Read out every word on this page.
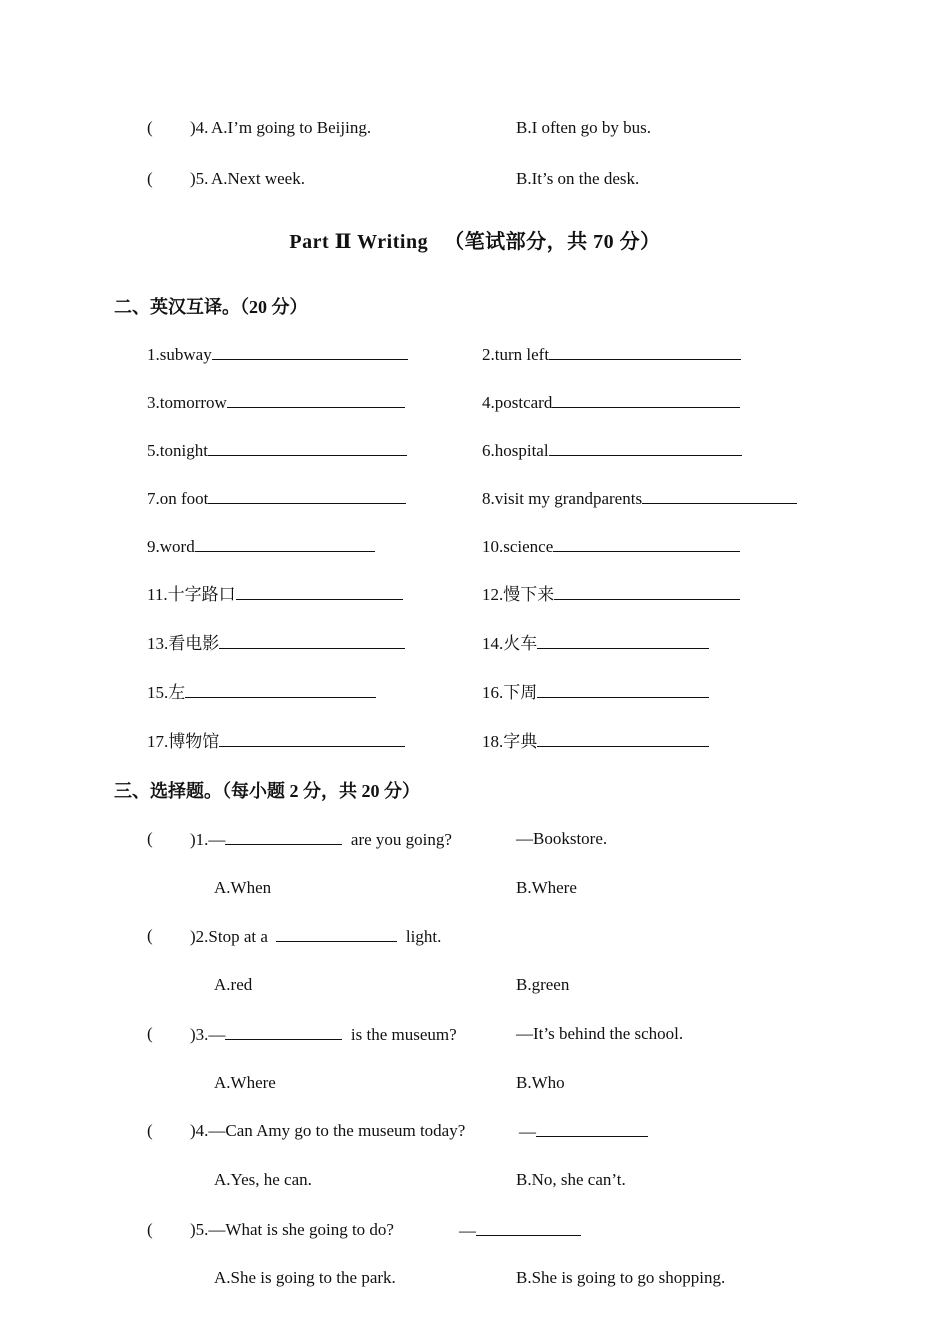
( )4. A.I’m going to Beijing.	B.I often go by bus.
( )5. A.Next week.	B.It’s on the desk.
Part Ⅱ Writing 　（笔试部分，共 70 分）
二、英汉互译。（20 分）
1.subway	2.turn left
3.tomorrow	4.postcard
5.tonight	6.hospital
7.on foot	8.visit my grandparents
9.word	10.science
11.十字路口	12.慢下来
13.看电影	14.火车
15.左	16.下周
17.博物馆	18.字典
三、选择题。（每小题 2 分，共 20 分）
( )1.—	are you going?	—Bookstore.
A.When	B.Where
( )2.Stop at a	light.
A.red	B.green
( )3.—	is the museum?	—It’s behind the school.
A.Where	B.Who
( )4.—Can Amy go to the museum today?	—
A.Yes, he can.	B.No, she can’t.
( )5.—What is she going to do?	—
A.She is going to the park.	B.She is going to go shopping.
